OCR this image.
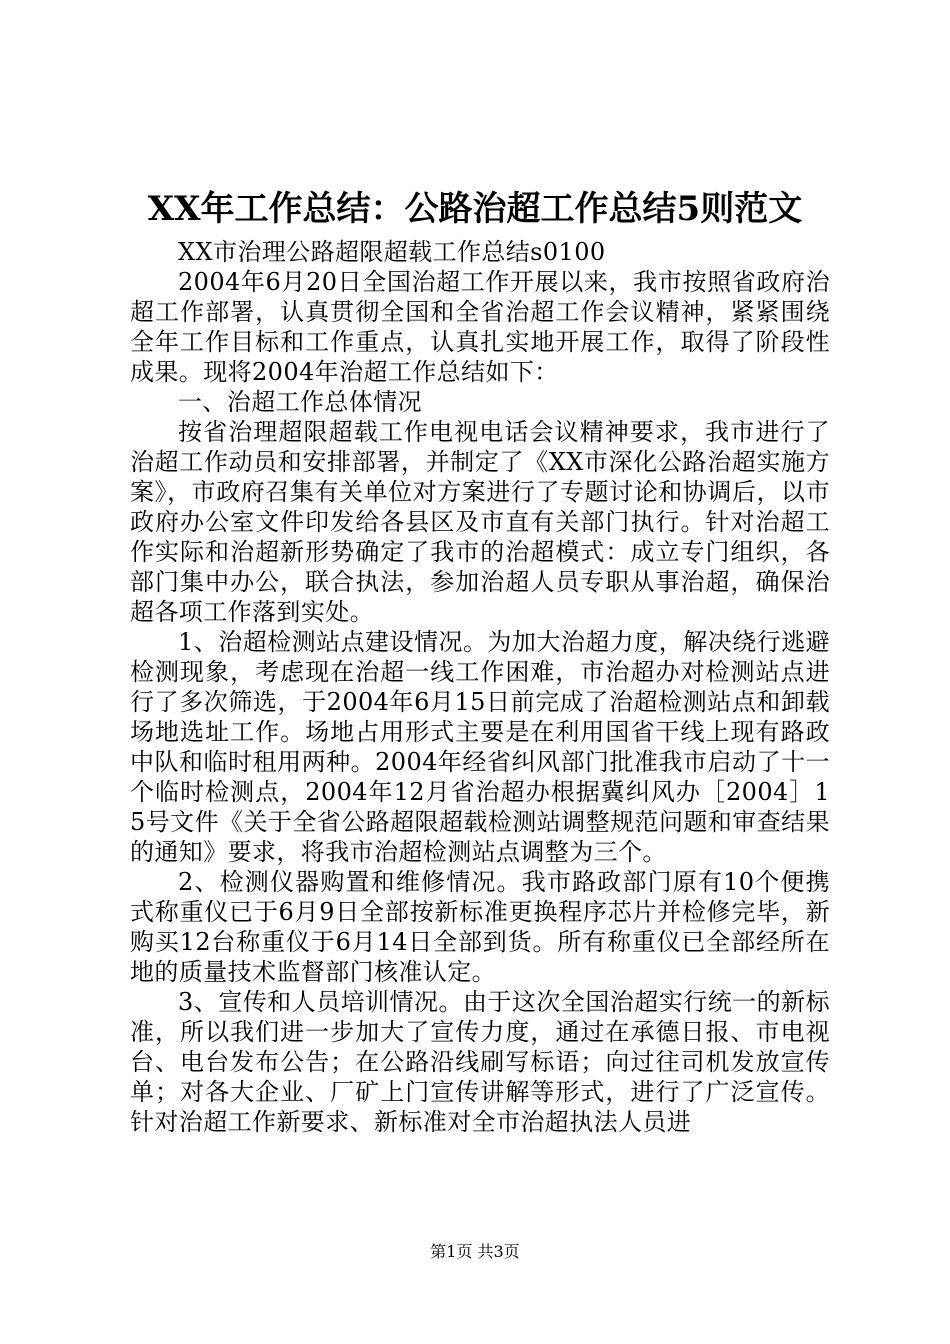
XX年工作总结：公路治超工作总结5则范文

XX市治理公路超限超载工作总结s0100

2004年6月20日全国治超工作开展以来，我市按照省政府治超工作部署，认真贯彻全国和全省治超工作会议精神，紧紧围绕全年工作目标和工作重点，认真扎实地开展工作，取得了阶段性成果。现将2004年治超工作总结如下：

一、治超工作总体情况

按省治理超限超载工作电视电话会议精神要求，我市进行了治超工作动员和安排部署，并制定了《XX市深化公路治超实施方案》，市政府召集有关单位对方案进行了专题讨论和协调后，以市政府办公室文件印发给各县区及市直有关部门执行。针对治超工作实际和治超新形势确定了我市的治超模式：成立专门组织，各部门集中办公，联合执法，参加治超人员专职从事治超，确保治超各项工作落到实处。

1、治超检测站点建设情况。为加大治超力度，解决绕行逃避检测现象，考虑现在治超一线工作困难，市治超办对检测站点进行了多次筛选，于2004年6月15日前完成了治超检测站点和卸载场地选址工作。场地占用形式主要是在利用国省干线上现有路政中队和临时租用两种。2004年经省纠风部门批准我市启动了十一个临时检测点，2004年12月省治超办根据冀纠风办［2004］15号文件《关于全省公路超限超载检测站调整规范问题和审查结果的通知》要求，将我市治超检测站点调整为三个。

2、检测仪器购置和维修情况。我市路政部门原有10个便携式称重仪已于6月9日全部按新标准更换程序芯片并检修完毕，新购买12台称重仪于6月14日全部到货。所有称重仪已全部经所在地的质量技术监督部门核准认定。

3、宣传和人员培训情况。由于这次全国治超实行统一的新标准，所以我们进一步加大了宣传力度，通过在承德日报、市电视台、电台发布公告；在公路沿线刷写标语；向过往司机发放宣传单；对各大企业、厂矿上门宣传讲解等形式，进行了广泛宣传。针对治超工作新要求、新标准对全市治超执法人员进

第1页 共3页
